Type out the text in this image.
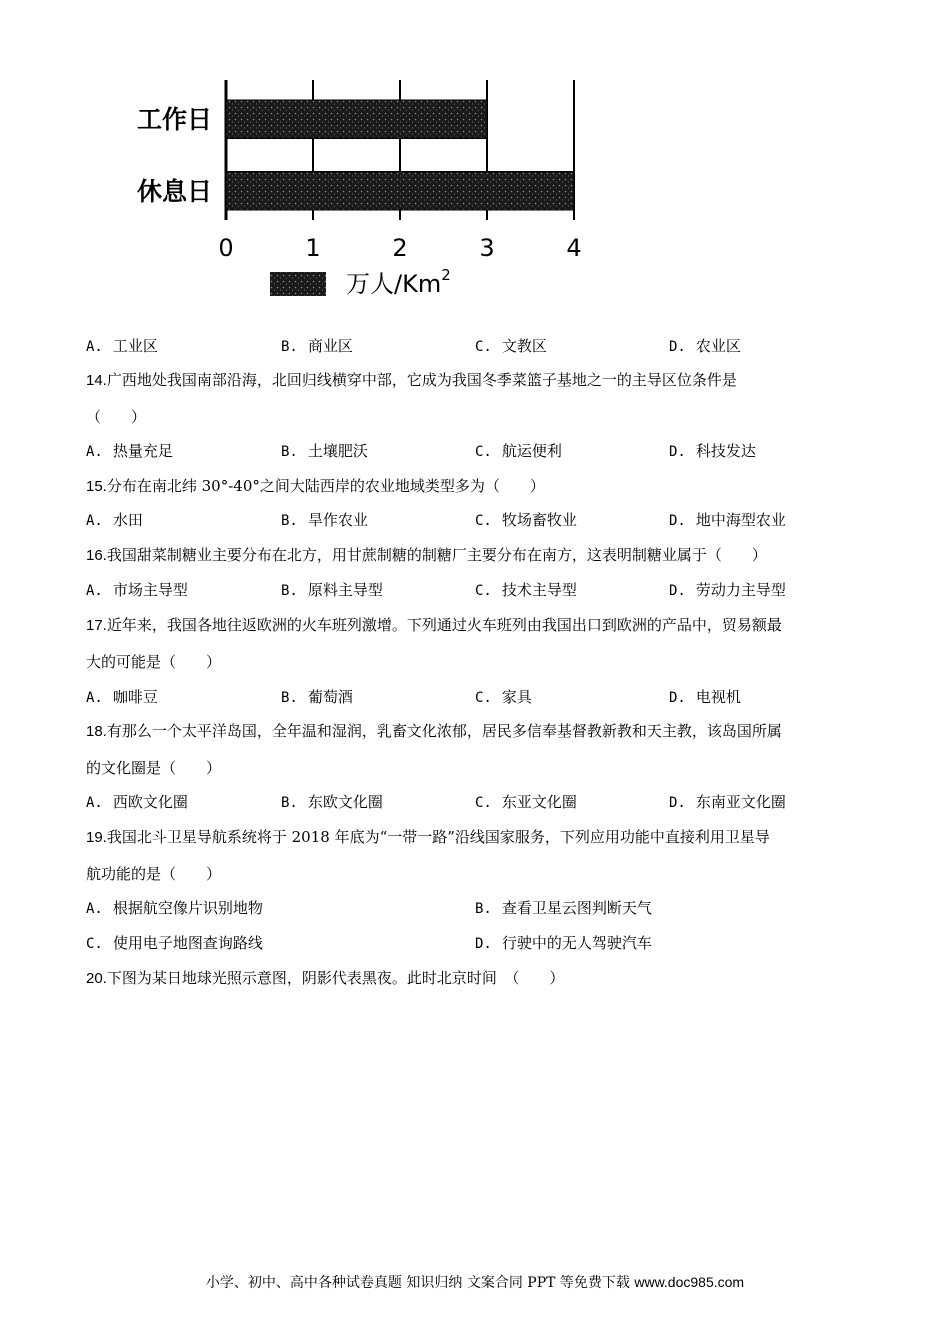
工作日
休息日
0	1	2	3	4
万人/Km$^2$
A. 工业区	B. 商业区	C. 文教区	D. 农业区
14.广西地处我国南部沿海，北回归线横穿中部，它成为我国冬季菜篮子基地之一的主导区位条件是
（　　）
A. 热量充足	B. 土壤肥沃	C. 航运便利	D. 科技发达
15.分布在南北纬 30°-40°之间大陆西岸的农业地域类型多为（　　）
A. 水田	B. 旱作农业	C. 牧场畜牧业	D. 地中海型农业
16.我国甜菜制糖业主要分布在北方，用甘蔗制糖的制糖厂主要分布在南方，这表明制糖业属于（　　）
A. 市场主导型	B. 原料主导型	C. 技术主导型	D. 劳动力主导型
17.近年来，我国各地往返欧洲的火车班列激增。下列通过火车班列由我国出口到欧洲的产品中，贸易额最
大的可能是（　　）
A. 咖啡豆	B. 葡萄酒	C. 家具	D. 电视机
18.有那么一个太平洋岛国，全年温和湿润，乳畜文化浓郁，居民多信奉基督教新教和天主教，该岛国所属
的文化圈是（　　）
A. 西欧文化圈	B. 东欧文化圈	C. 东亚文化圈	D. 东南亚文化圈
19.我国北斗卫星导航系统将于 2018 年底为“一带一路”沿线国家服务，下列应用功能中直接利用卫星导
航功能的是（　　）
A. 根据航空像片识别地物	B. 查看卫星云图判断天气
C. 使用电子地图查询路线	D. 行驶中的无人驾驶汽车
20.下图为某日地球光照示意图，阴影代表黑夜。此时北京时间　（　　）
小学、初中、高中各种试卷真题 知识归纳 文案合同 PPT 等免费下载 www.doc985.com
